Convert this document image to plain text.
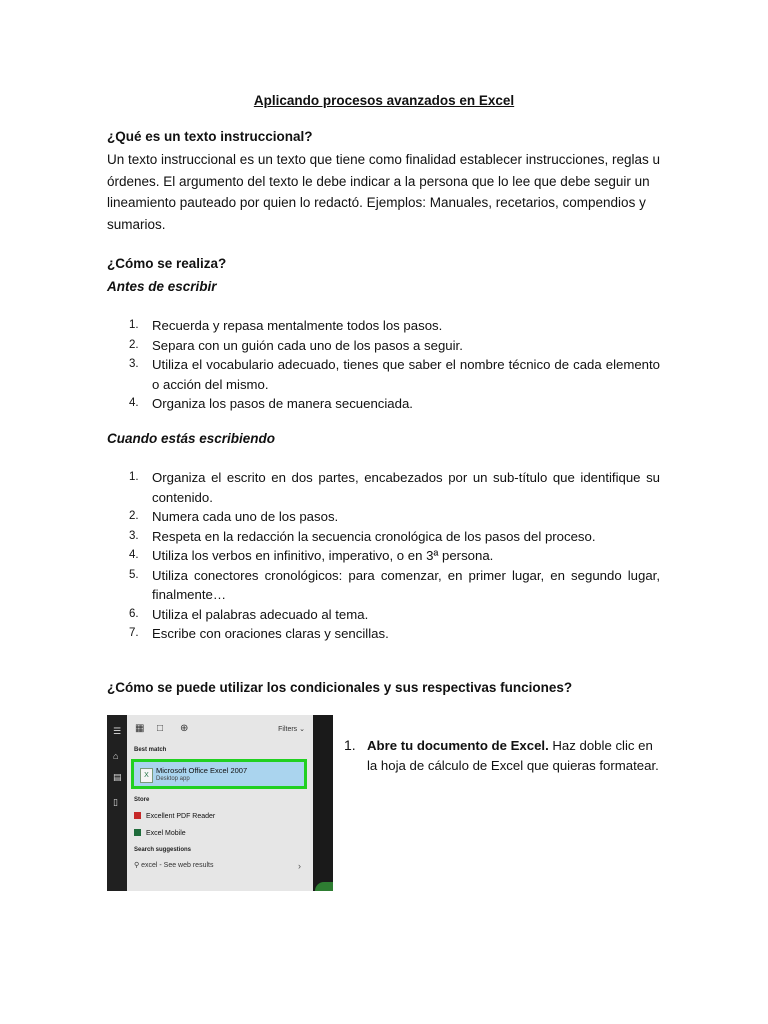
Aplicando procesos avanzados en Excel
¿Qué es un texto instruccional?
Un texto instruccional es un texto que tiene como finalidad establecer instrucciones, reglas u órdenes. El argumento del texto le debe indicar a la persona que lo lee que debe seguir un lineamiento pauteado por quien lo redactó. Ejemplos: Manuales, recetarios, compendios y sumarios.
¿Cómo se realiza?
Antes de escribir
1. Recuerda y repasa mentalmente todos los pasos.
2. Separa con un guión cada uno de los pasos a seguir.
3. Utiliza el vocabulario adecuado, tienes que saber el nombre técnico de cada elemento o acción del mismo.
4. Organiza los pasos de manera secuenciada.
Cuando estás escribiendo
1. Organiza el escrito en dos partes, encabezados por un sub-título que identifique su contenido.
2. Numera cada uno de los pasos.
3. Respeta en la redacción la secuencia cronológica de los pasos del proceso.
4. Utiliza los verbos en infinitivo, imperativo, o en 3ª persona.
5. Utiliza conectores cronológicos: para comenzar, en primer lugar, en segundo lugar, finalmente…
6. Utiliza el palabras adecuado al tema.
7. Escribe con oraciones claras y sencillas.
¿Cómo se puede utilizar los condicionales y sus respectivas funciones?
☰
⌂
▤
▯
▦ □ ⊕	Filters ⌄
Best match
X
Microsoft Office Excel 2007
Desktop app
Store
Excellent PDF Reader
Excel Mobile
Search suggestions
⚲ excel - See web results	›
1. Abre tu documento de Excel. Haz doble clic en la hoja de cálculo de Excel que quieras formatear.
